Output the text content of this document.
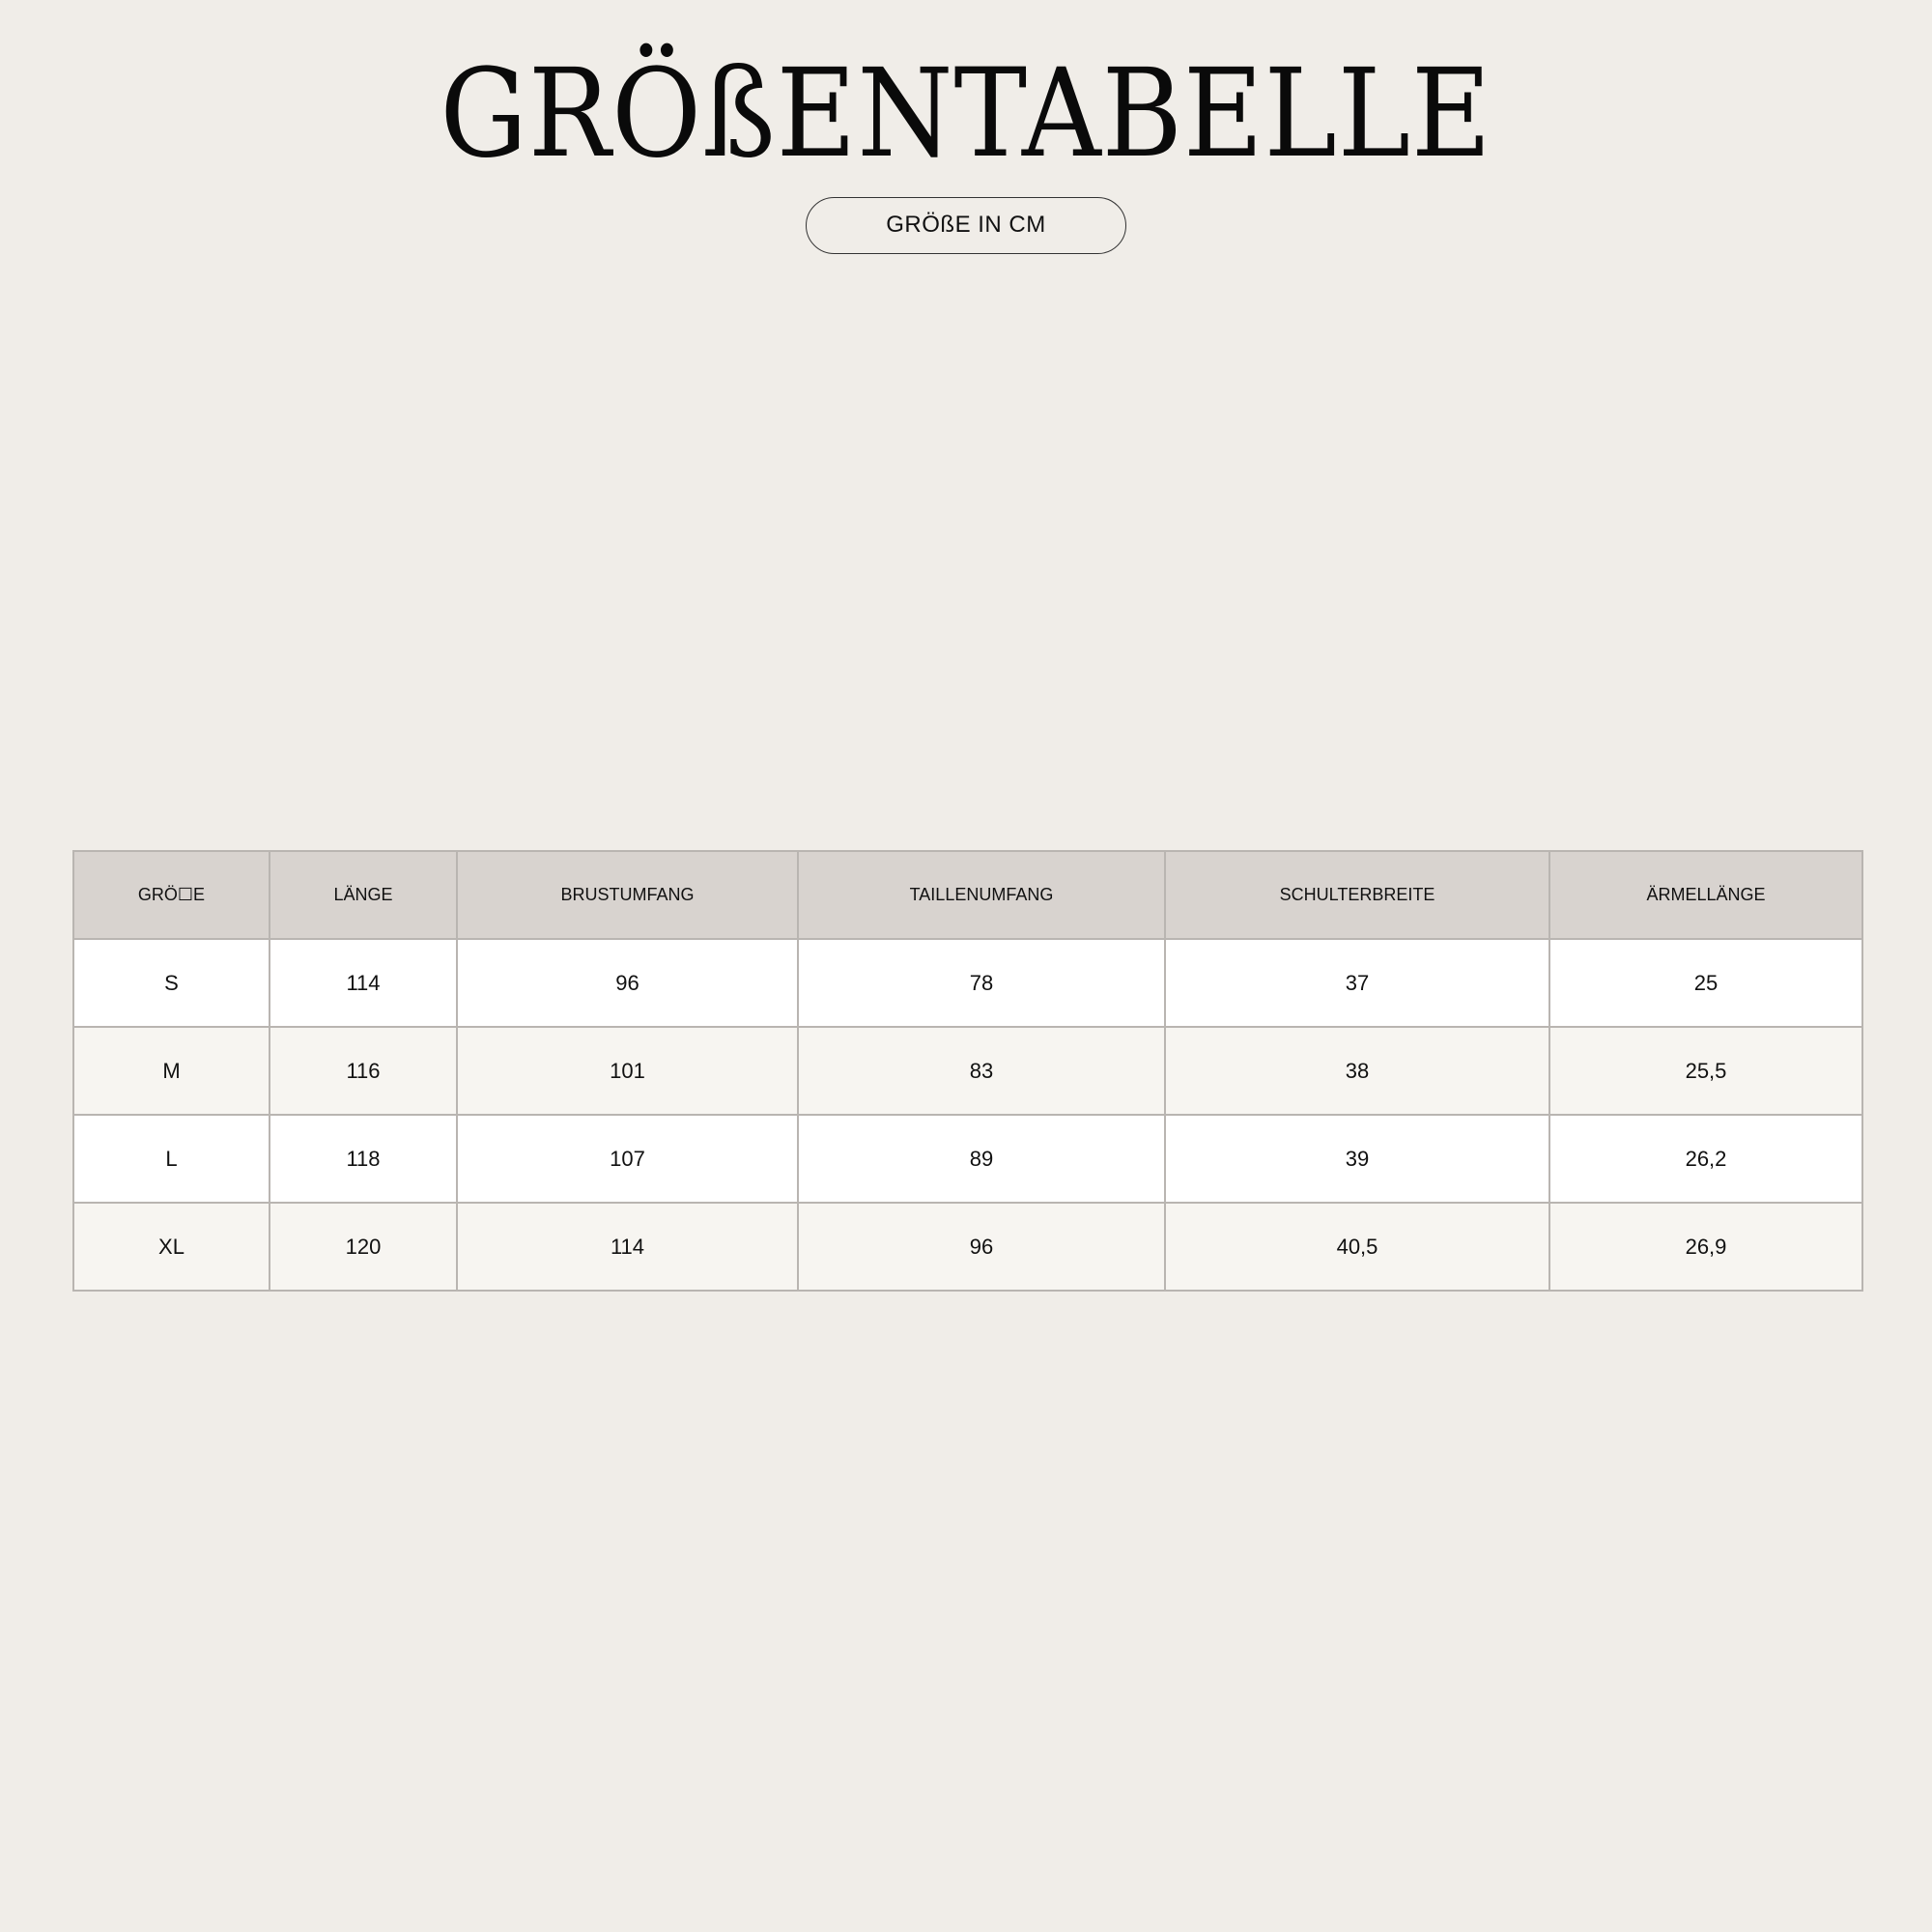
GRÖßENTABELLE
GRÖßE IN CM
GRÖ☐E	LÄNGE	BRUSTUMFANG	TAILLENUMFANG	SCHULTERBREITE	ÄRMELLÄNGE
S	114	96	78	37	25
M	116	101	83	38	25,5
L	118	107	89	39	26,2
XL	120	114	96	40,5	26,9
